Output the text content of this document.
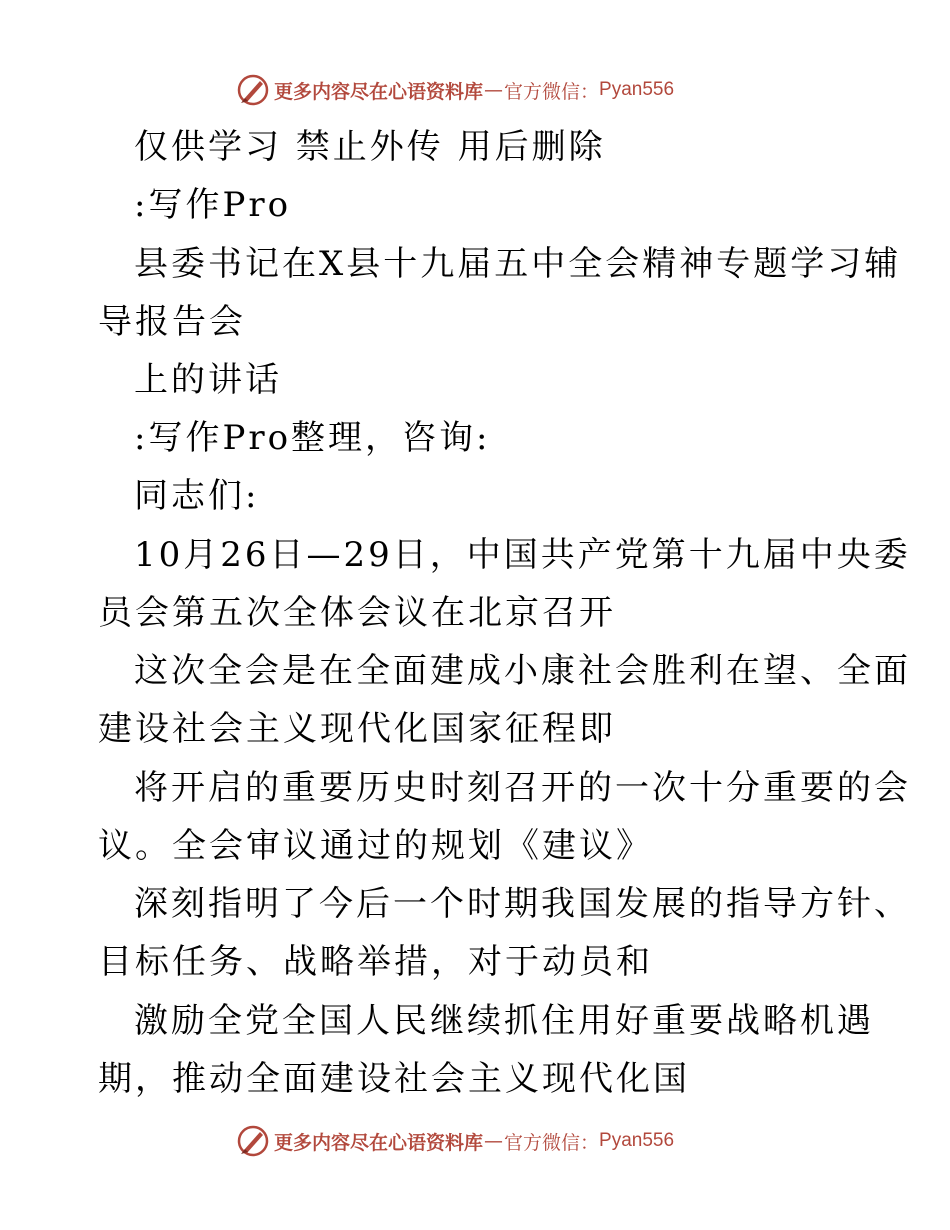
更多内容尽在心语资料库 — 官方微信： Pyan556
仅供学习 禁止外传 用后删除
:写作Pro
县委书记在X县十九届五中全会精神专题学习辅
导报告会
上的讲话
:写作Pro整理，咨询:
同志们:
10月26日—29日，中国共产党第十九届中央委
员会第五次全体会议在北京召开
这次全会是在全面建成小康社会胜利在望、全面
建设社会主义现代化国家征程即
将开启的重要历史时刻召开的一次十分重要的会
议。全会审议通过的规划《建议》
深刻指明了今后一个时期我国发展的指导方针、
目标任务、战略举措，对于动员和
激励全党全国人民继续抓住用好重要战略机遇
期，推动全面建设社会主义现代化国
更多内容尽在心语资料库 — 官方微信： Pyan556
